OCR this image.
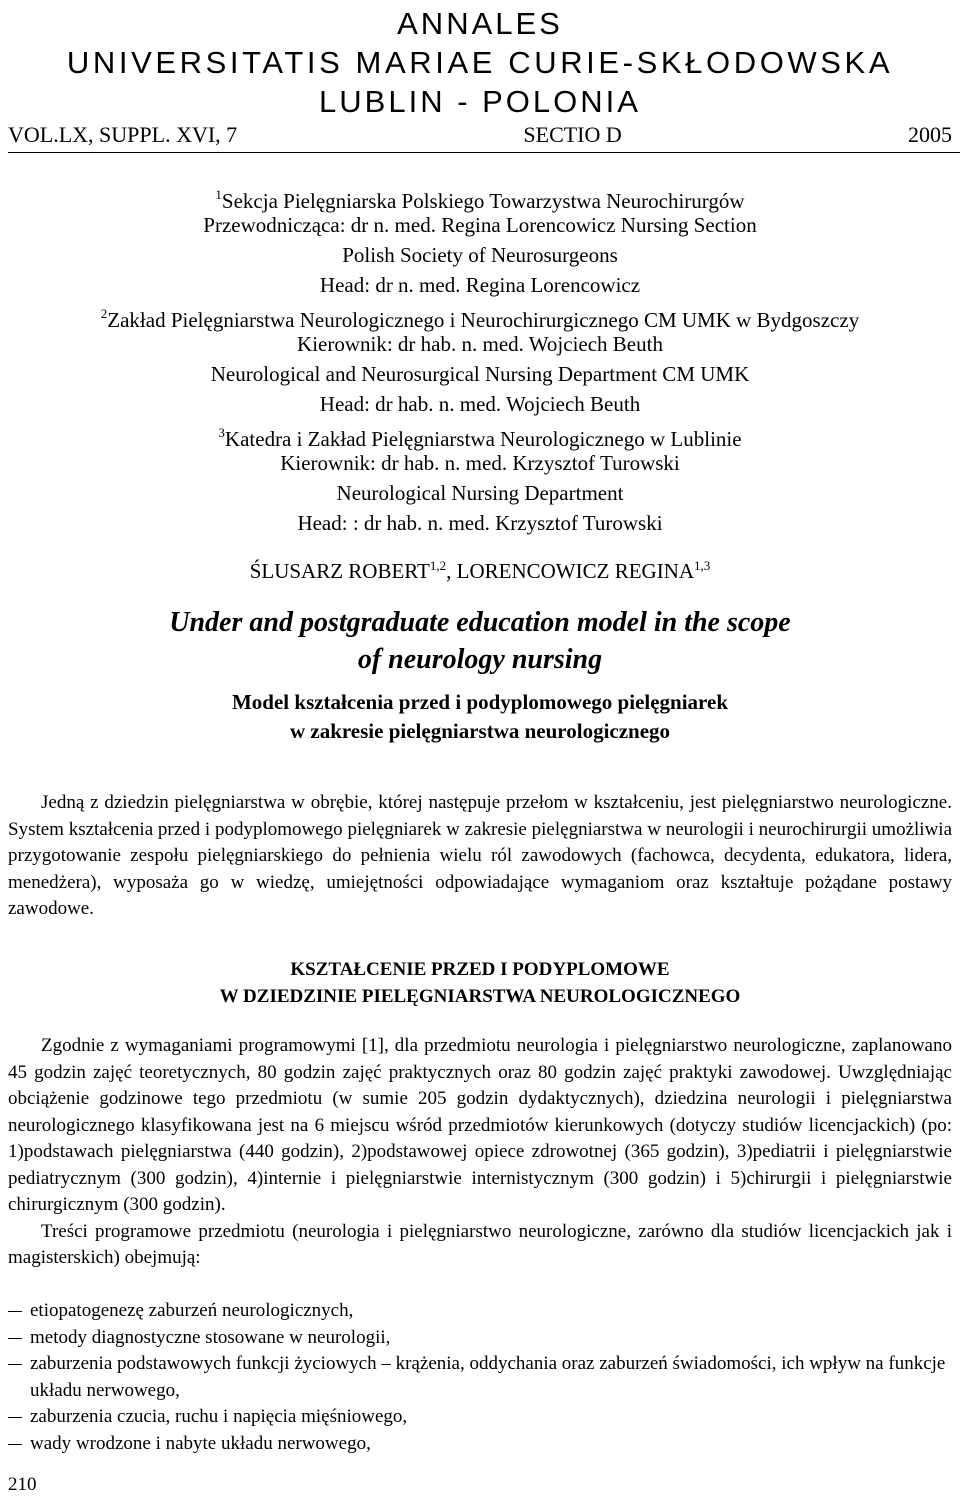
ANNALES
UNIVERSITATIS MARIAE CURIE-SKŁODOWSKA
LUBLIN - POLONIA
VOL.LX, SUPPL. XVI, 7	SECTIO D	2005
$^1$Sekcja Pielęgniarska Polskiego Towarzystwa Neurochirurgów
Przewodnicząca: dr n. med. Regina Lorencowicz Nursing Section
Polish Society of Neurosurgeons
Head: dr n. med. Regina Lorencowicz
$^2$Zakład Pielęgniarstwa Neurologicznego i Neurochirurgicznego CM UMK w Bydgoszczy
Kierownik: dr hab. n. med. Wojciech Beuth
Neurological and Neurosurgical Nursing Department CM UMK
Head: dr hab. n. med. Wojciech Beuth
$^3$Katedra i Zakład Pielęgniarstwa Neurologicznego w Lublinie
Kierownik: dr hab. n. med. Krzysztof Turowski
Neurological Nursing Department
Head: : dr hab. n. med. Krzysztof Turowski
ŚLUSARZ ROBERT$^{1,2}$, LORENCOWICZ REGINA$^{1,3}$
Under and postgraduate education model in the scope
of neurology nursing
Model kształcenia przed i podyplomowego pielęgniarek
w zakresie pielęgniarstwa neurologicznego

Jedną z dziedzin pielęgniarstwa w obrębie, której następuje przełom w kształceniu, jest pielęgniarstwo neurologiczne. System kształcenia przed i podyplomowego pielęgniarek w zakresie pielęgniarstwa w neurologii i neurochirurgii umożliwia przygotowanie zespołu pielęgniarskiego do pełnienia wielu ról zawodowych (fachowca, decydenta, edukatora, lidera, menedżera), wyposaża go w wiedzę, umiejętności odpowiadające wymaganiom oraz kształtuje pożądane postawy zawodowe.

KSZTAŁCENIE PRZED I PODYPLOMOWE
W DZIEDZINIE PIELĘGNIARSTWA NEUROLOGICZNEGO

Zgodnie z wymaganiami programowymi [1], dla przedmiotu neurologia i pielęgniarstwo neurologiczne, zaplanowano 45 godzin zajęć teoretycznych, 80 godzin zajęć praktycznych oraz 80 godzin zajęć praktyki zawodowej. Uwzględniając obciążenie godzinowe tego przedmiotu (w sumie 205 godzin dydaktycznych), dziedzina neurologii i pielęgniarstwa neurologicznego klasyfikowana jest na 6 miejscu wśród przedmiotów kierunkowych (dotyczy studiów licencjackich) (po: 1)podstawach pielęgniarstwa (440 godzin), 2)podstawowej opiece zdrowotnej (365 godzin), 3)pediatrii i pielęgniarstwie pediatrycznym (300 godzin), 4)internie i pielęgniarstwie internistycznym (300 godzin) i 5)chirurgii i pielęgniarstwie chirurgicznym (300 godzin).

Treści programowe przedmiotu (neurologia i pielęgniarstwo neurologiczne, zarówno dla studiów licencjackich jak i magisterskich) obejmują:

etiopatogenezę zaburzeń neurologicznych,
metody diagnostyczne stosowane w neurologii,
zaburzenia podstawowych funkcji życiowych – krążenia, oddychania oraz zaburzeń świadomości, ich wpływ na funkcje układu nerwowego,
zaburzenia czucia, ruchu i napięcia mięśniowego,
wady wrodzone i nabyte układu nerwowego,
210
